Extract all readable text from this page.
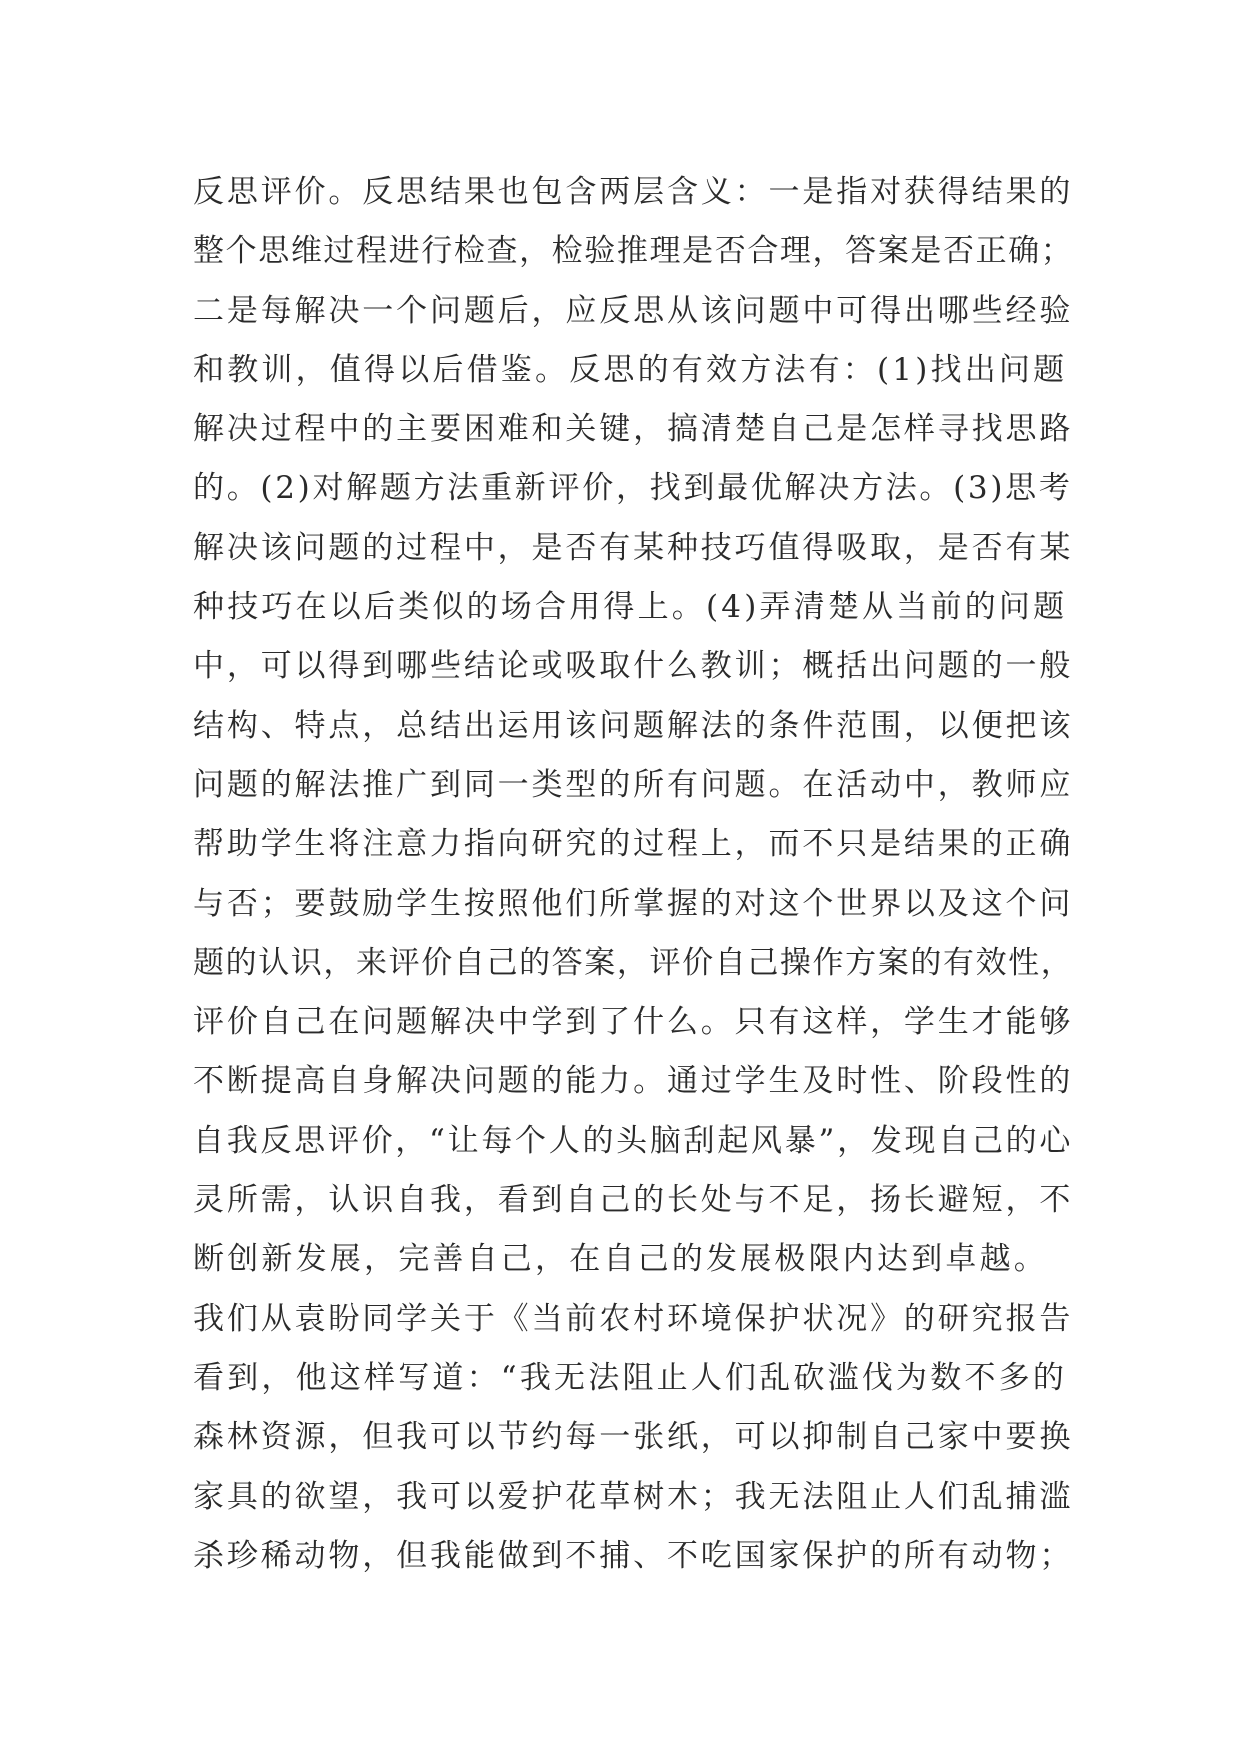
反思评价。反思结果也包含两层含义：一是指对获得结果的
整个思维过程进行检查，检验推理是否合理，答案是否正确；
二是每解决一个问题后，应反思从该问题中可得出哪些经验
和教训，值得以后借鉴。反思的有效方法有：(1)找出问题
解决过程中的主要困难和关键，搞清楚自己是怎样寻找思路
的。(2)对解题方法重新评价，找到最优解决方法。(3)思考
解决该问题的过程中，是否有某种技巧值得吸取，是否有某
种技巧在以后类似的场合用得上。(4)弄清楚从当前的问题
中，可以得到哪些结论或吸取什么教训；概括出问题的一般
结构、特点，总结出运用该问题解法的条件范围，以便把该
问题的解法推广到同一类型的所有问题。在活动中，教师应
帮助学生将注意力指向研究的过程上，而不只是结果的正确
与否；要鼓励学生按照他们所掌握的对这个世界以及这个问
题的认识，来评价自己的答案，评价自己操作方案的有效性，
评价自己在问题解决中学到了什么。只有这样，学生才能够
不断提高自身解决问题的能力。通过学生及时性、阶段性的
自我反思评价，“让每个人的头脑刮起风暴”，发现自己的心
灵所需，认识自我，看到自己的长处与不足，扬长避短，不
断创新发展，完善自己，在自己的发展极限内达到卓越。
我们从袁盼同学关于《当前农村环境保护状况》的研究报告
看到，他这样写道：“我无法阻止人们乱砍滥伐为数不多的
森林资源，但我可以节约每一张纸，可以抑制自己家中要换
家具的欲望，我可以爱护花草树木；我无法阻止人们乱捕滥
杀珍稀动物，但我能做到不捕、不吃国家保护的所有动物；
